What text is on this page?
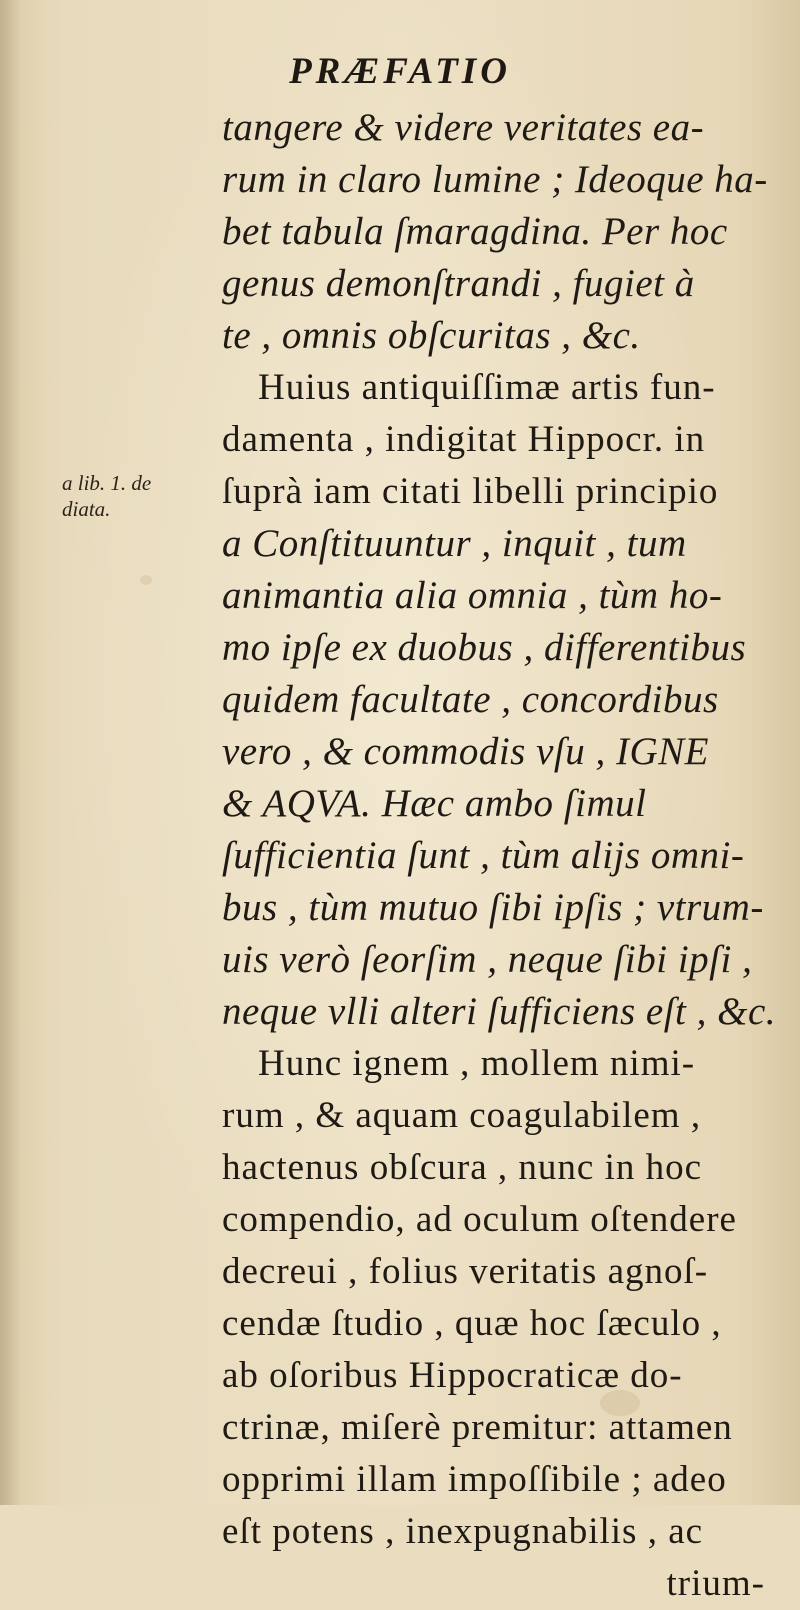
PRÆFATIO
a lib. 1. de
diata.
tangere & videre veritates ea-
rum in claro lumine ; Ideoque ha-
bet tabula ſmaragdina. Per hoc
genus demonſtrandi , fugiet à
te , omnis obſcuritas , &c.
Huius antiquiſſimæ artis fun-
damenta , indigitat Hippocr. in
ſuprà iam citati libelli principio
a Conſtituuntur , inquit , tum
animantia alia omnia , tùm ho-
mo ipſe ex duobus , differentibus
quidem facultate , concordibus
vero , & commodis vſu , IGNE
& AQVA. Hæc ambo ſimul
ſufficientia ſunt , tùm alijs omni-
bus , tùm mutuo ſibi ipſis ; vtrum-
uis verò ſeorſim , neque ſibi ipſi ,
neque vlli alteri ſufficiens eſt , &c.
Hunc ignem , mollem nimi-
rum , & aquam coagulabilem ,
hactenus obſcura , nunc in hoc
compendio, ad oculum oſtendere
decreui , folius veritatis agnoſ-
cendæ ſtudio , quæ hoc ſæculo ,
ab oſoribus Hippocraticæ do-
ctrinæ, miſerè premitur: attamen
opprimi illam impoſſibile ; adeo
eſt potens , inexpugnabilis , ac
trium-
